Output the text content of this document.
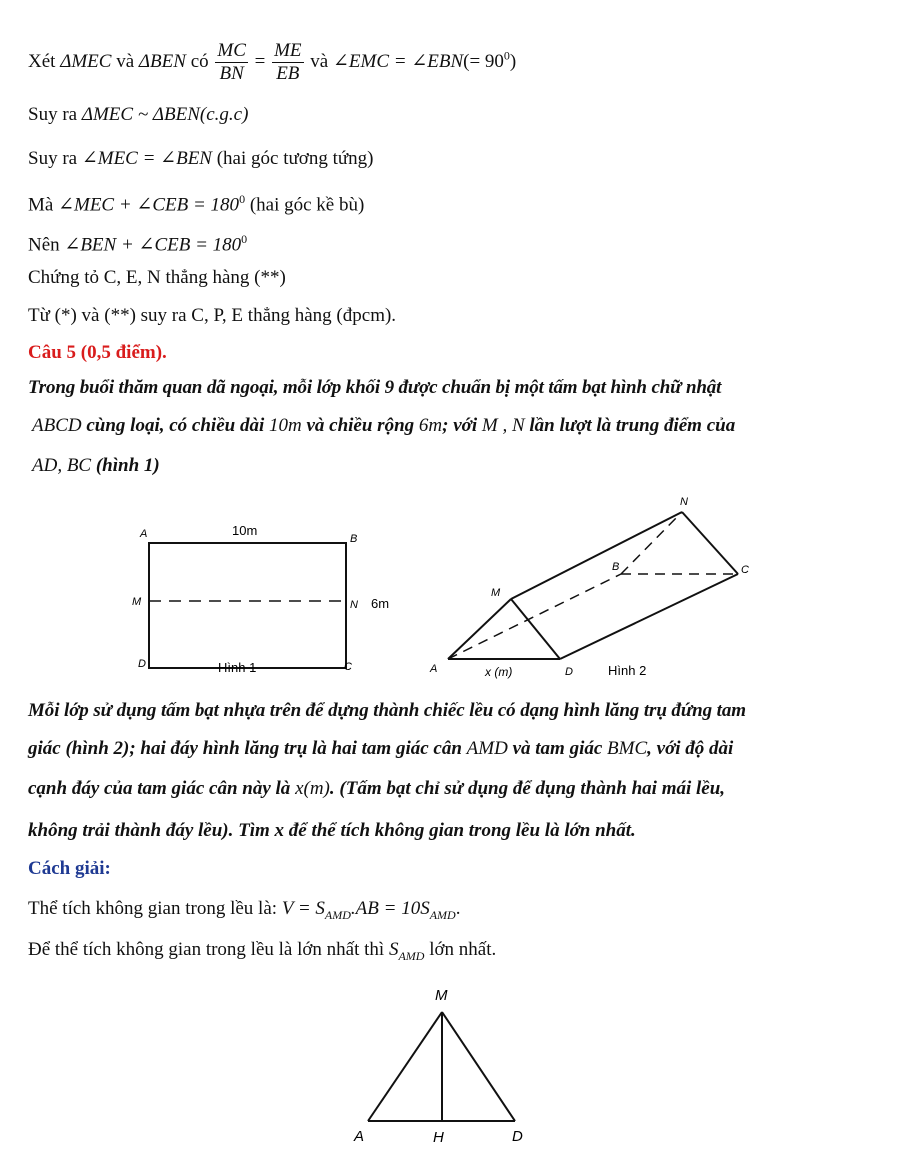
Xét ΔMEC và ΔBEN có $\frac{MC}{BN} = \frac{ME}{EB}$ và ∠EMC = ∠EBN(= $90^0$)
Suy ra ΔMEC ~ ΔBEN(c.g.c)
Suy ra ∠MEC = ∠BEN (hai góc tương tứng)
Mà ∠MEC + ∠CEB = $180^0$ (hai góc kề bù)
Nên ∠BEN + ∠CEB = $180^0$
Chứng tỏ C, E, N thẳng hàng (**)
Từ (*) và (**) suy ra C, P, E thẳng hàng (đpcm).
Câu 5 (0,5 điểm).
Trong buổi thăm quan dã ngoại, mỗi lớp khối 9 được chuẩn bị một tấm bạt hình chữ nhật
ABCD cùng loại, có chiều dài 10m và chiều rộng 6m; với M , N lần lượt là trung điểm của
AD, BC (hình 1)
A	10m
B
M	N 6m
D	Hình 1	C
N
B	C
M
A	x (m)	D	Hình 2
Mỗi lớp sử dụng tấm bạt nhựa trên để dựng thành chiếc lều có dạng hình lăng trụ đứng tam
giác (hình 2); hai đáy hình lăng trụ là hai tam giác cân AMD và tam giác BMC, với độ dài
cạnh đáy của tam giác cân này là x(m). (Tấm bạt chỉ sử dụng để dụng thành hai mái lều,
không trải thành đáy lều). Tìm x để thể tích không gian trong lều là lớn nhất.
Cách giải:
Thể tích không gian trong lều là: $V = S_{AMD}.AB = 10S_{AMD}$.
Để thể tích không gian trong lều là lớn nhất thì $S_{AMD}$ lớn nhất.
M
A	H	D
